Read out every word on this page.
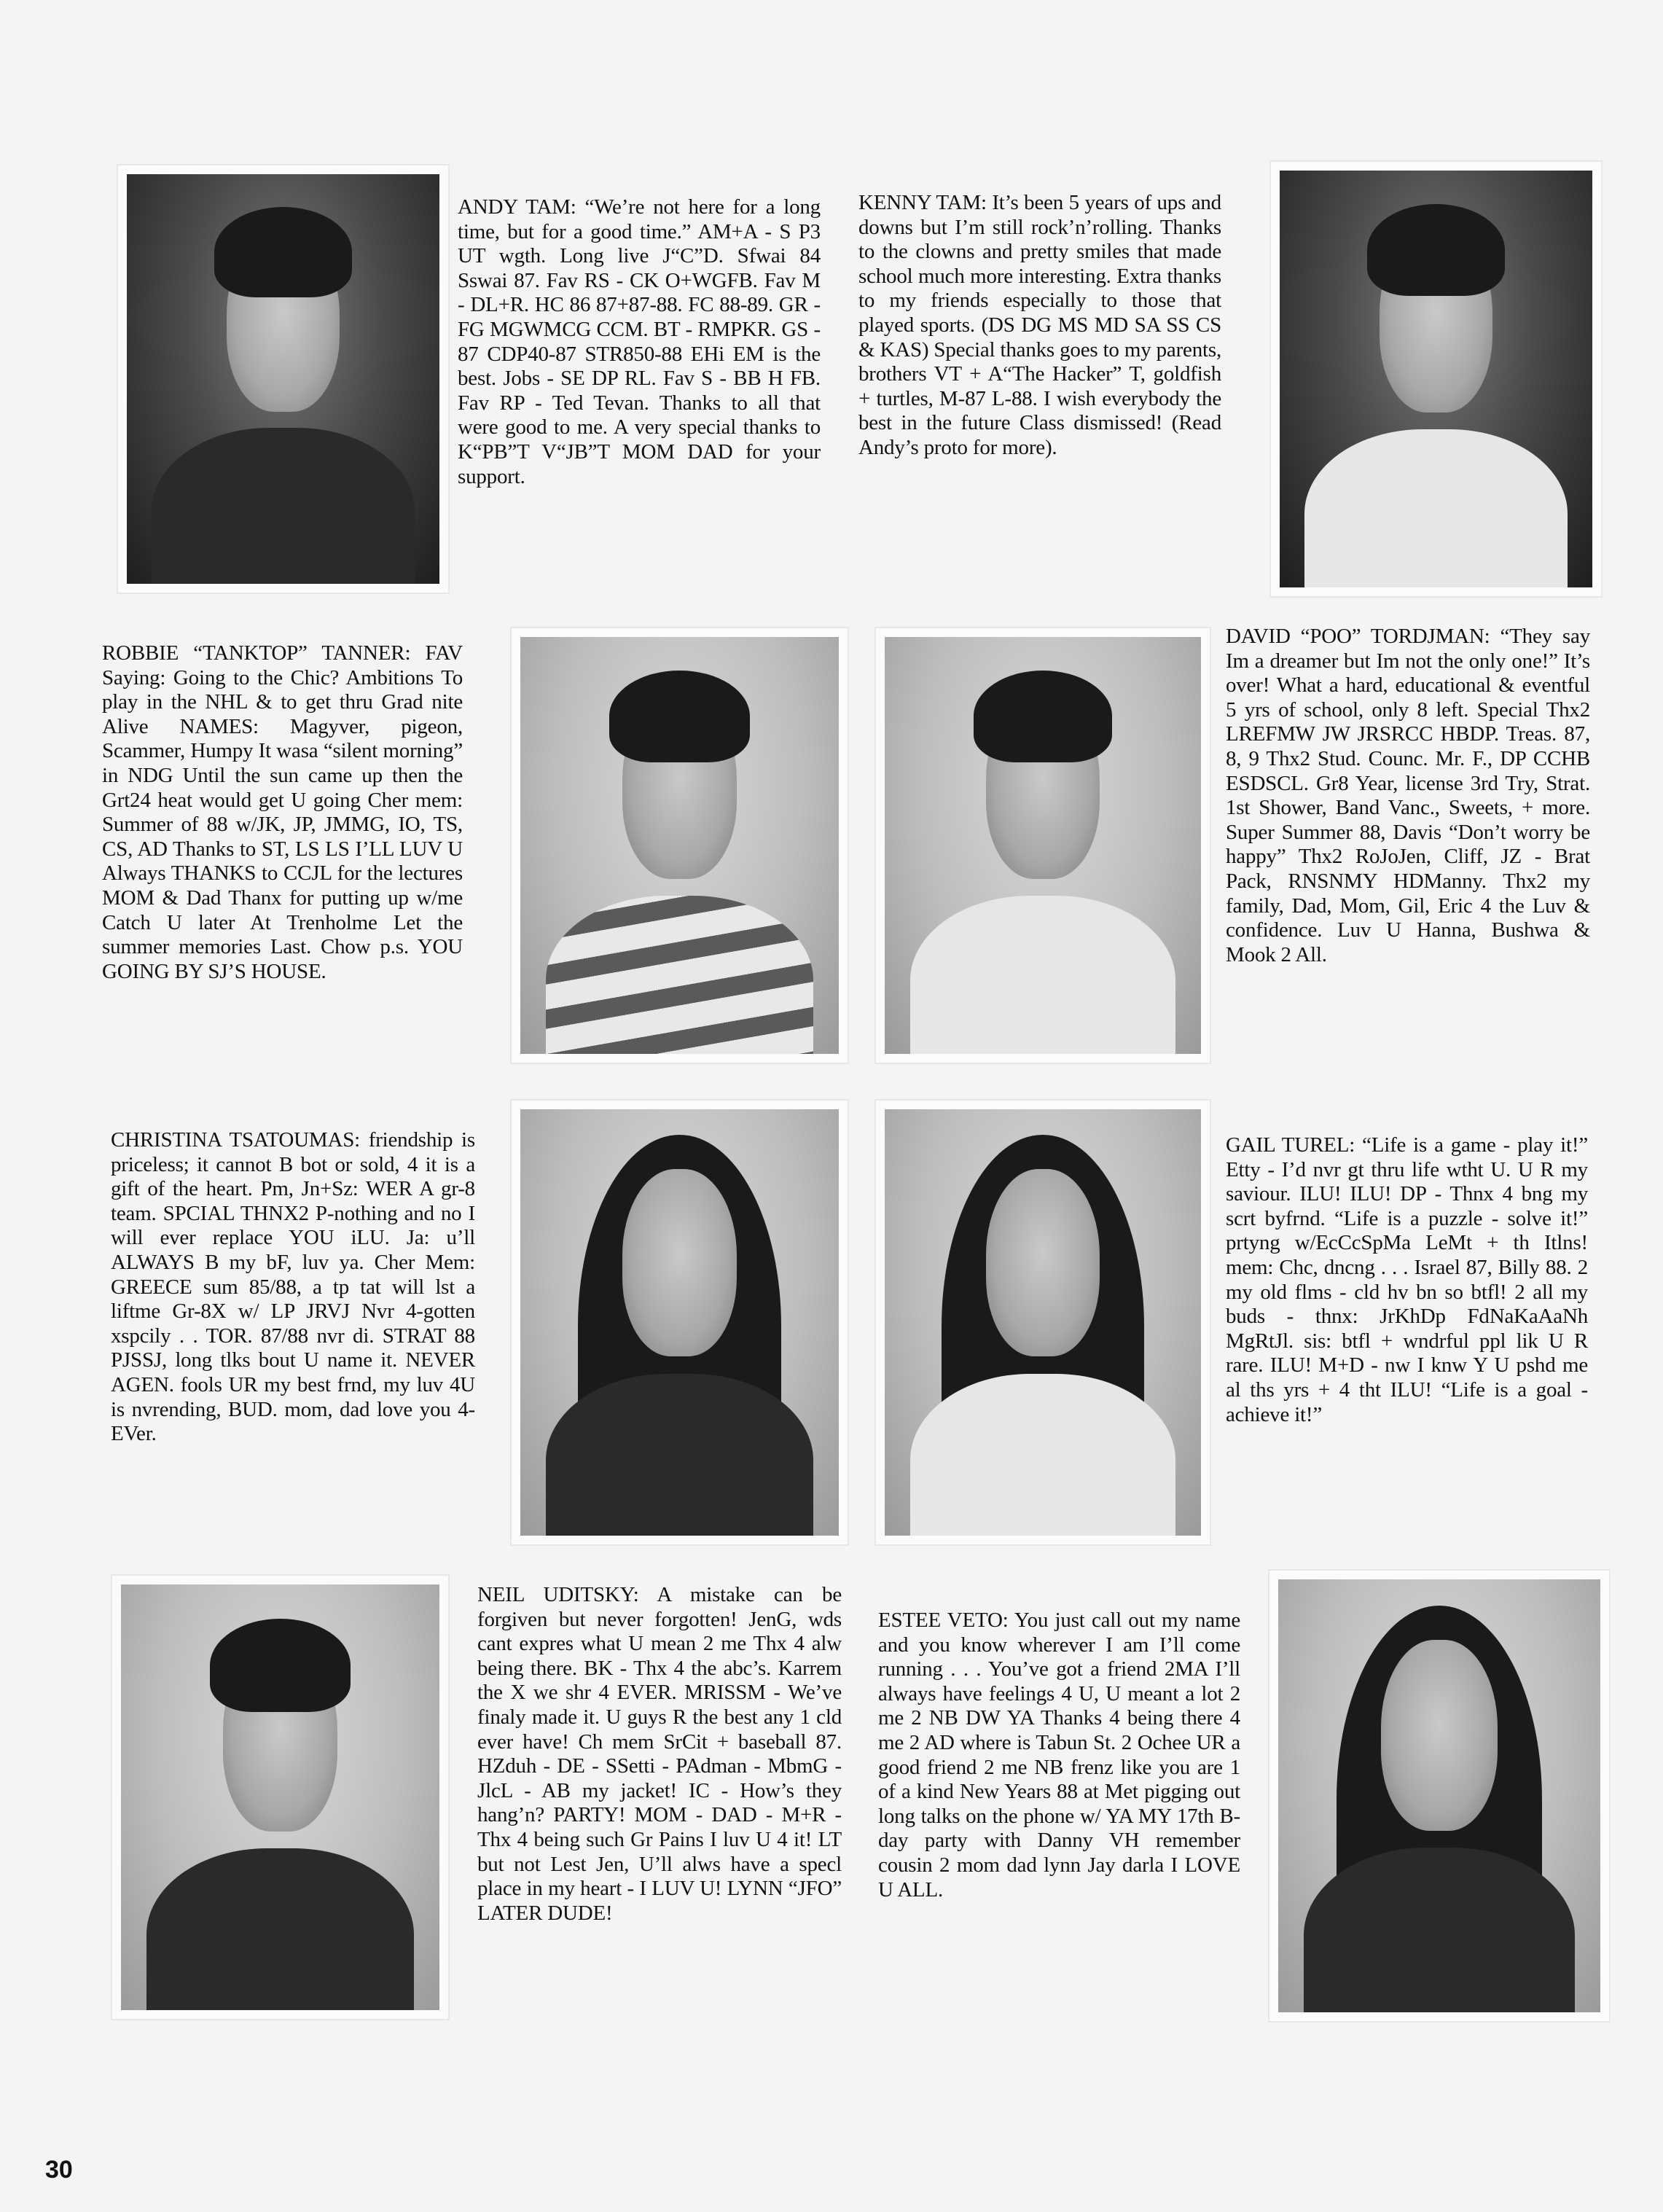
ANDY TAM: “We’re not here for a long time, but for a good time.” AM+A - S P3 UT wgth. Long live J“C”D. Sfwai 84 Sswai 87. Fav RS - CK O+WGFB. Fav M - DL+R. HC 86 87+87-88. FC 88-89. GR - FG MGWMCG CCM. BT - RMPKR. GS - 87 CDP40-87 STR850-88 EHi EM is the best. Jobs - SE DP RL. Fav S - BB H FB. Fav RP - Ted Tevan. Thanks to all that were good to me. A very special thanks to K“PB”T V“JB”T MOM DAD for your support.
KENNY TAM: It’s been 5 years of ups and downs but I’m still rock’n’rolling. Thanks to the clowns and pretty smiles that made school much more interesting. Extra thanks to my friends especially to those that played sports. (DS DG MS MD SA SS CS & KAS) Special thanks goes to my parents, brothers VT + A“The Hacker” T, goldfish + turtles, M-87 L-88. I wish everybody the best in the future Class dismissed! (Read Andy’s proto for more).
ROBBIE “TANKTOP” TANNER: FAV Saying: Going to the Chic? Ambitions To play in the NHL & to get thru Grad nite Alive NAMES: Magyver, pigeon, Scammer, Humpy It wasa “silent morning” in NDG Until the sun came up then the Grt24 heat would get U going Cher mem: Summer of 88 w/JK, JP, JMMG, IO, TS, CS, AD Thanks to ST, LS LS I’LL LUV U Always THANKS to CCJL for the lectures MOM & Dad Thanx for putting up w/me Catch U later At Trenholme Let the summer memories Last. Chow p.s. YOU GOING BY SJ’S HOUSE.
DAVID “POO” TORDJMAN: “They say Im a dreamer but Im not the only one!” It’s over! What a hard, educational & eventful 5 yrs of school, only 8 left. Special Thx2 LREFMW JW JRSRCC HBDP. Treas. 87, 8, 9 Thx2 Stud. Counc. Mr. F., DP CCHB ESDSCL. Gr8 Year, license 3rd Try, Strat. 1st Shower, Band Vanc., Sweets, + more. Super Summer 88, Davis “Don’t worry be happy” Thx2 RoJoJen, Cliff, JZ - Brat Pack, RNSNMY HDManny. Thx2 my family, Dad, Mom, Gil, Eric 4 the Luv & confidence. Luv U Hanna, Bushwa & Mook 2 All.
CHRISTINA TSATOUMAS: friendship is priceless; it cannot B bot or sold, 4 it is a gift of the heart. Pm, Jn+Sz: WER A gr-8 team. SPCIAL THNX2 P-nothing and no I will ever replace YOU iLU. Ja: u’ll ALWAYS B my bF, luv ya. Cher Mem: GREECE sum 85/88, a tp tat will lst a liftme Gr-8X w/ LP JRVJ Nvr 4-gotten xspcily . . TOR. 87/88 nvr di. STRAT 88 PJSSJ, long tlks bout U name it. NEVER AGEN. fools UR my best frnd, my luv 4U is nvrending, BUD. mom, dad love you 4-EVer.
GAIL TUREL: “Life is a game - play it!” Etty - I’d nvr gt thru life wtht U. U R my saviour. ILU! ILU! DP - Thnx 4 bng my scrt byfrnd. “Life is a puzzle - solve it!” prtyng w/EcCcSpMa LeMt + th Itlns! mem: Chc, dncng . . . Israel 87, Billy 88. 2 my old flms - cld hv bn so btfl! 2 all my buds - thnx: JrKhDp FdNaKaAaNh MgRtJl. sis: btfl + wndrful ppl lik U R rare. ILU! M+D - nw I knw Y U pshd me al ths yrs + 4 tht ILU! “Life is a goal - achieve it!”
NEIL UDITSKY: A mistake can be forgiven but never forgotten! JenG, wds cant expres what U mean 2 me Thx 4 alw being there. BK - Thx 4 the abc’s. Karrem the X we shr 4 EVER. MRISSM - We’ve finaly made it. U guys R the best any 1 cld ever have! Ch mem SrCit + baseball 87. HZduh - DE - SSetti - PAdman - MbmG - JlcL - AB my jacket! IC - How’s they hang’n? PARTY! MOM - DAD - M+R - Thx 4 being such Gr Pains I luv U 4 it! LT but not Lest Jen, U’ll alws have a specl place in my heart - I LUV U! LYNN “JFO” LATER DUDE!
ESTEE VETO: You just call out my name and you know wherever I am I’ll come running . . . You’ve got a friend 2MA I’ll always have feelings 4 U, U meant a lot 2 me 2 NB DW YA Thanks 4 being there 4 me 2 AD where is Tabun St. 2 Ochee UR a good friend 2 me NB frenz like you are 1 of a kind New Years 88 at Met pigging out long talks on the phone w/ YA MY 17th B-day party with Danny VH remember cousin 2 mom dad lynn Jay darla I LOVE U ALL.
30
